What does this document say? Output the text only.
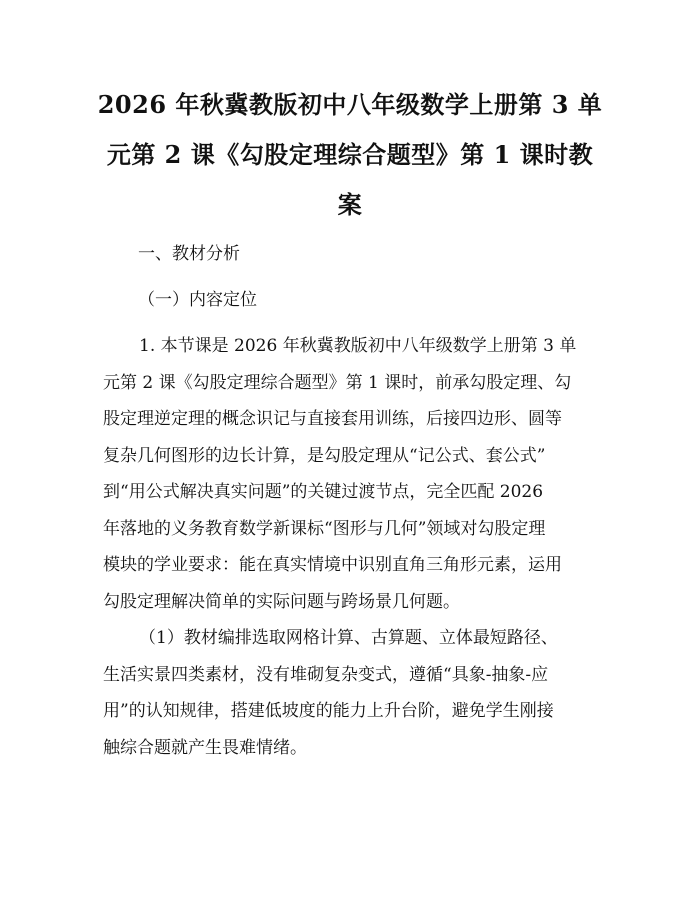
2026 年秋冀教版初中八年级数学上册第 3 单
元第 2 课《勾股定理综合题型》第 1 课时教
案

一、教材分析

（一）内容定位

1. 本节课是 2026 年秋冀教版初中八年级数学上册第 3 单
元第 2 课《勾股定理综合题型》第 1 课时，前承勾股定理、勾
股定理逆定理的概念识记与直接套用训练，后接四边形、圆等
复杂几何图形的边长计算，是勾股定理从“记公式、套公式”
到“用公式解决真实问题”的关键过渡节点，完全匹配 2026
年落地的义务教育数学新课标“图形与几何”领域对勾股定理
模块的学业要求：能在真实情境中识别直角三角形元素，运用
勾股定理解决简单的实际问题与跨场景几何题。
（1）教材编排选取网格计算、古算题、立体最短路径、
生活实景四类素材，没有堆砌复杂变式，遵循“具象-抽象-应
用”的认知规律，搭建低坡度的能力上升台阶，避免学生刚接
触综合题就产生畏难情绪。
